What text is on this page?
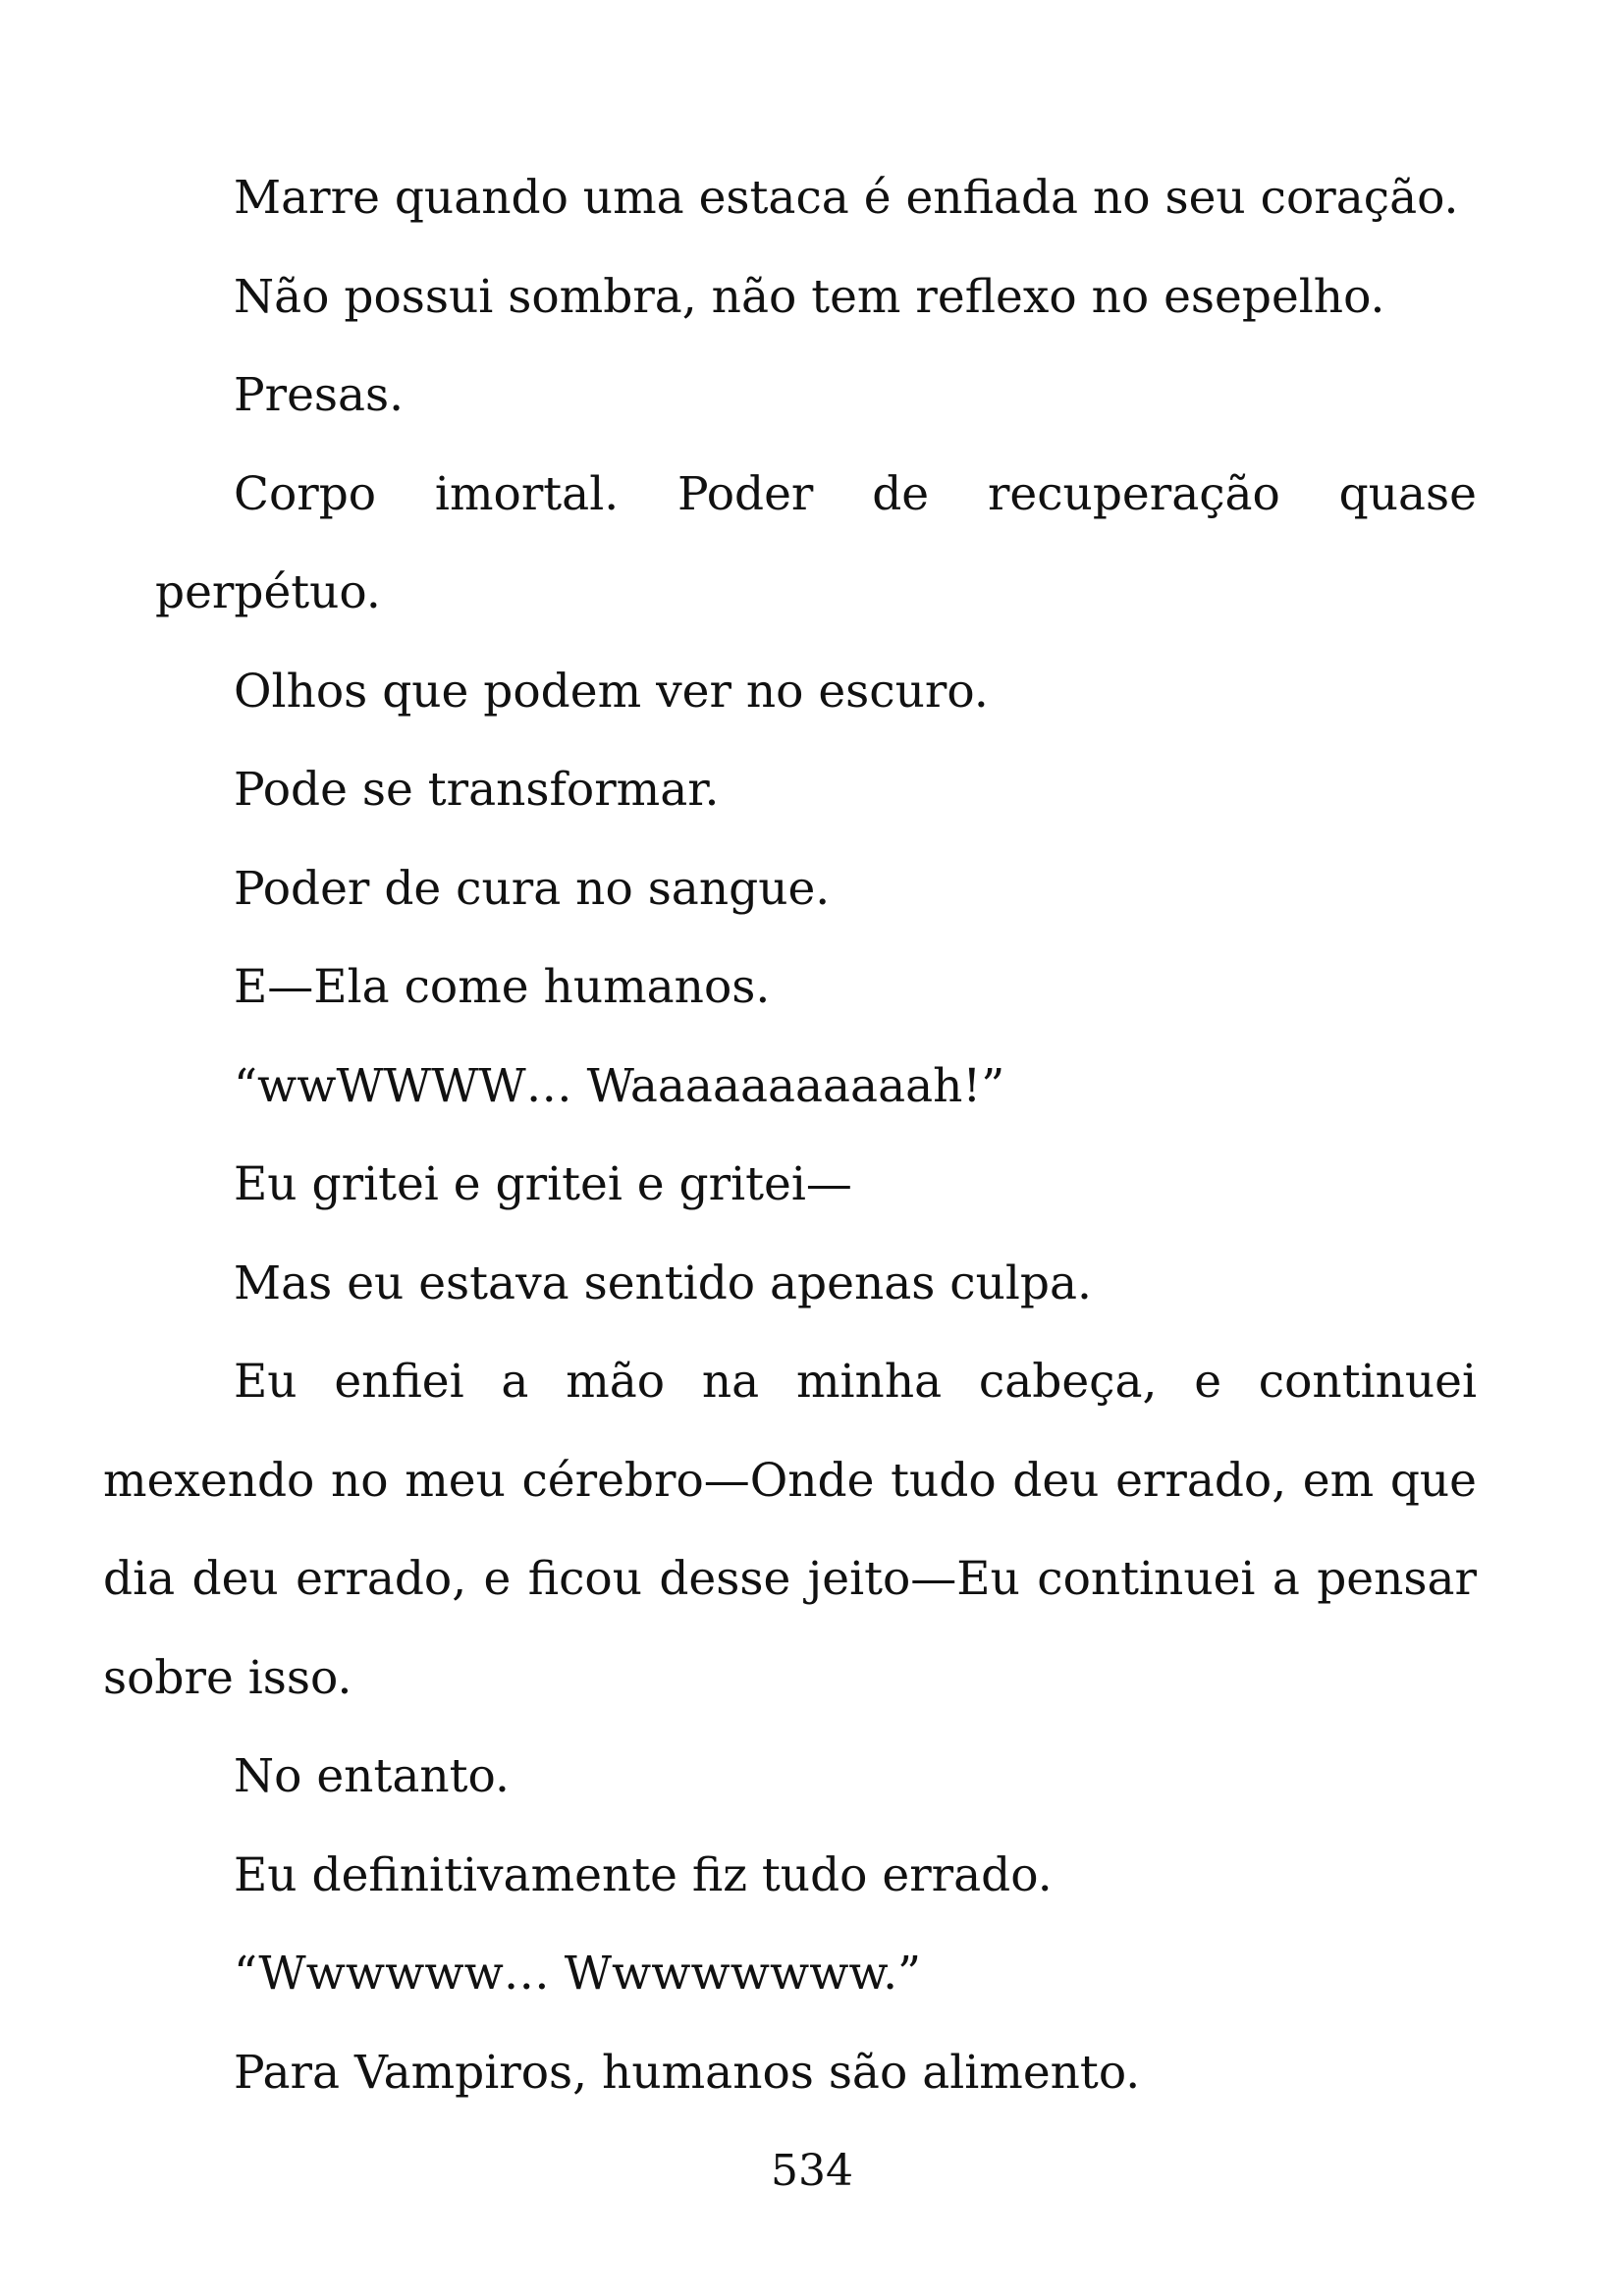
Marre quando uma estaca é enfiada no seu coração.

Não possui sombra, não tem reflexo no esepelho.

Presas.

Corpo imortal. Poder de recuperação quase perpétuo.

Olhos que podem ver no escuro.

Pode se transformar.

Poder de cura no sangue.

E—Ela come humanos.

“wwWWWW… Waaaaaaaaaaah!”

Eu gritei e gritei e gritei—

Mas eu estava sentido apenas culpa.

Eu enfiei a mão na minha cabeça, e continuei mexendo no meu cérebro—Onde tudo deu errado, em que dia deu errado, e ficou desse jeito—Eu continuei a pensar sobre isso.

No entanto.

Eu definitivamente fiz tudo errado.

“Wwwwww… Wwwwwwww.”

Para Vampiros, humanos são alimento.

534
